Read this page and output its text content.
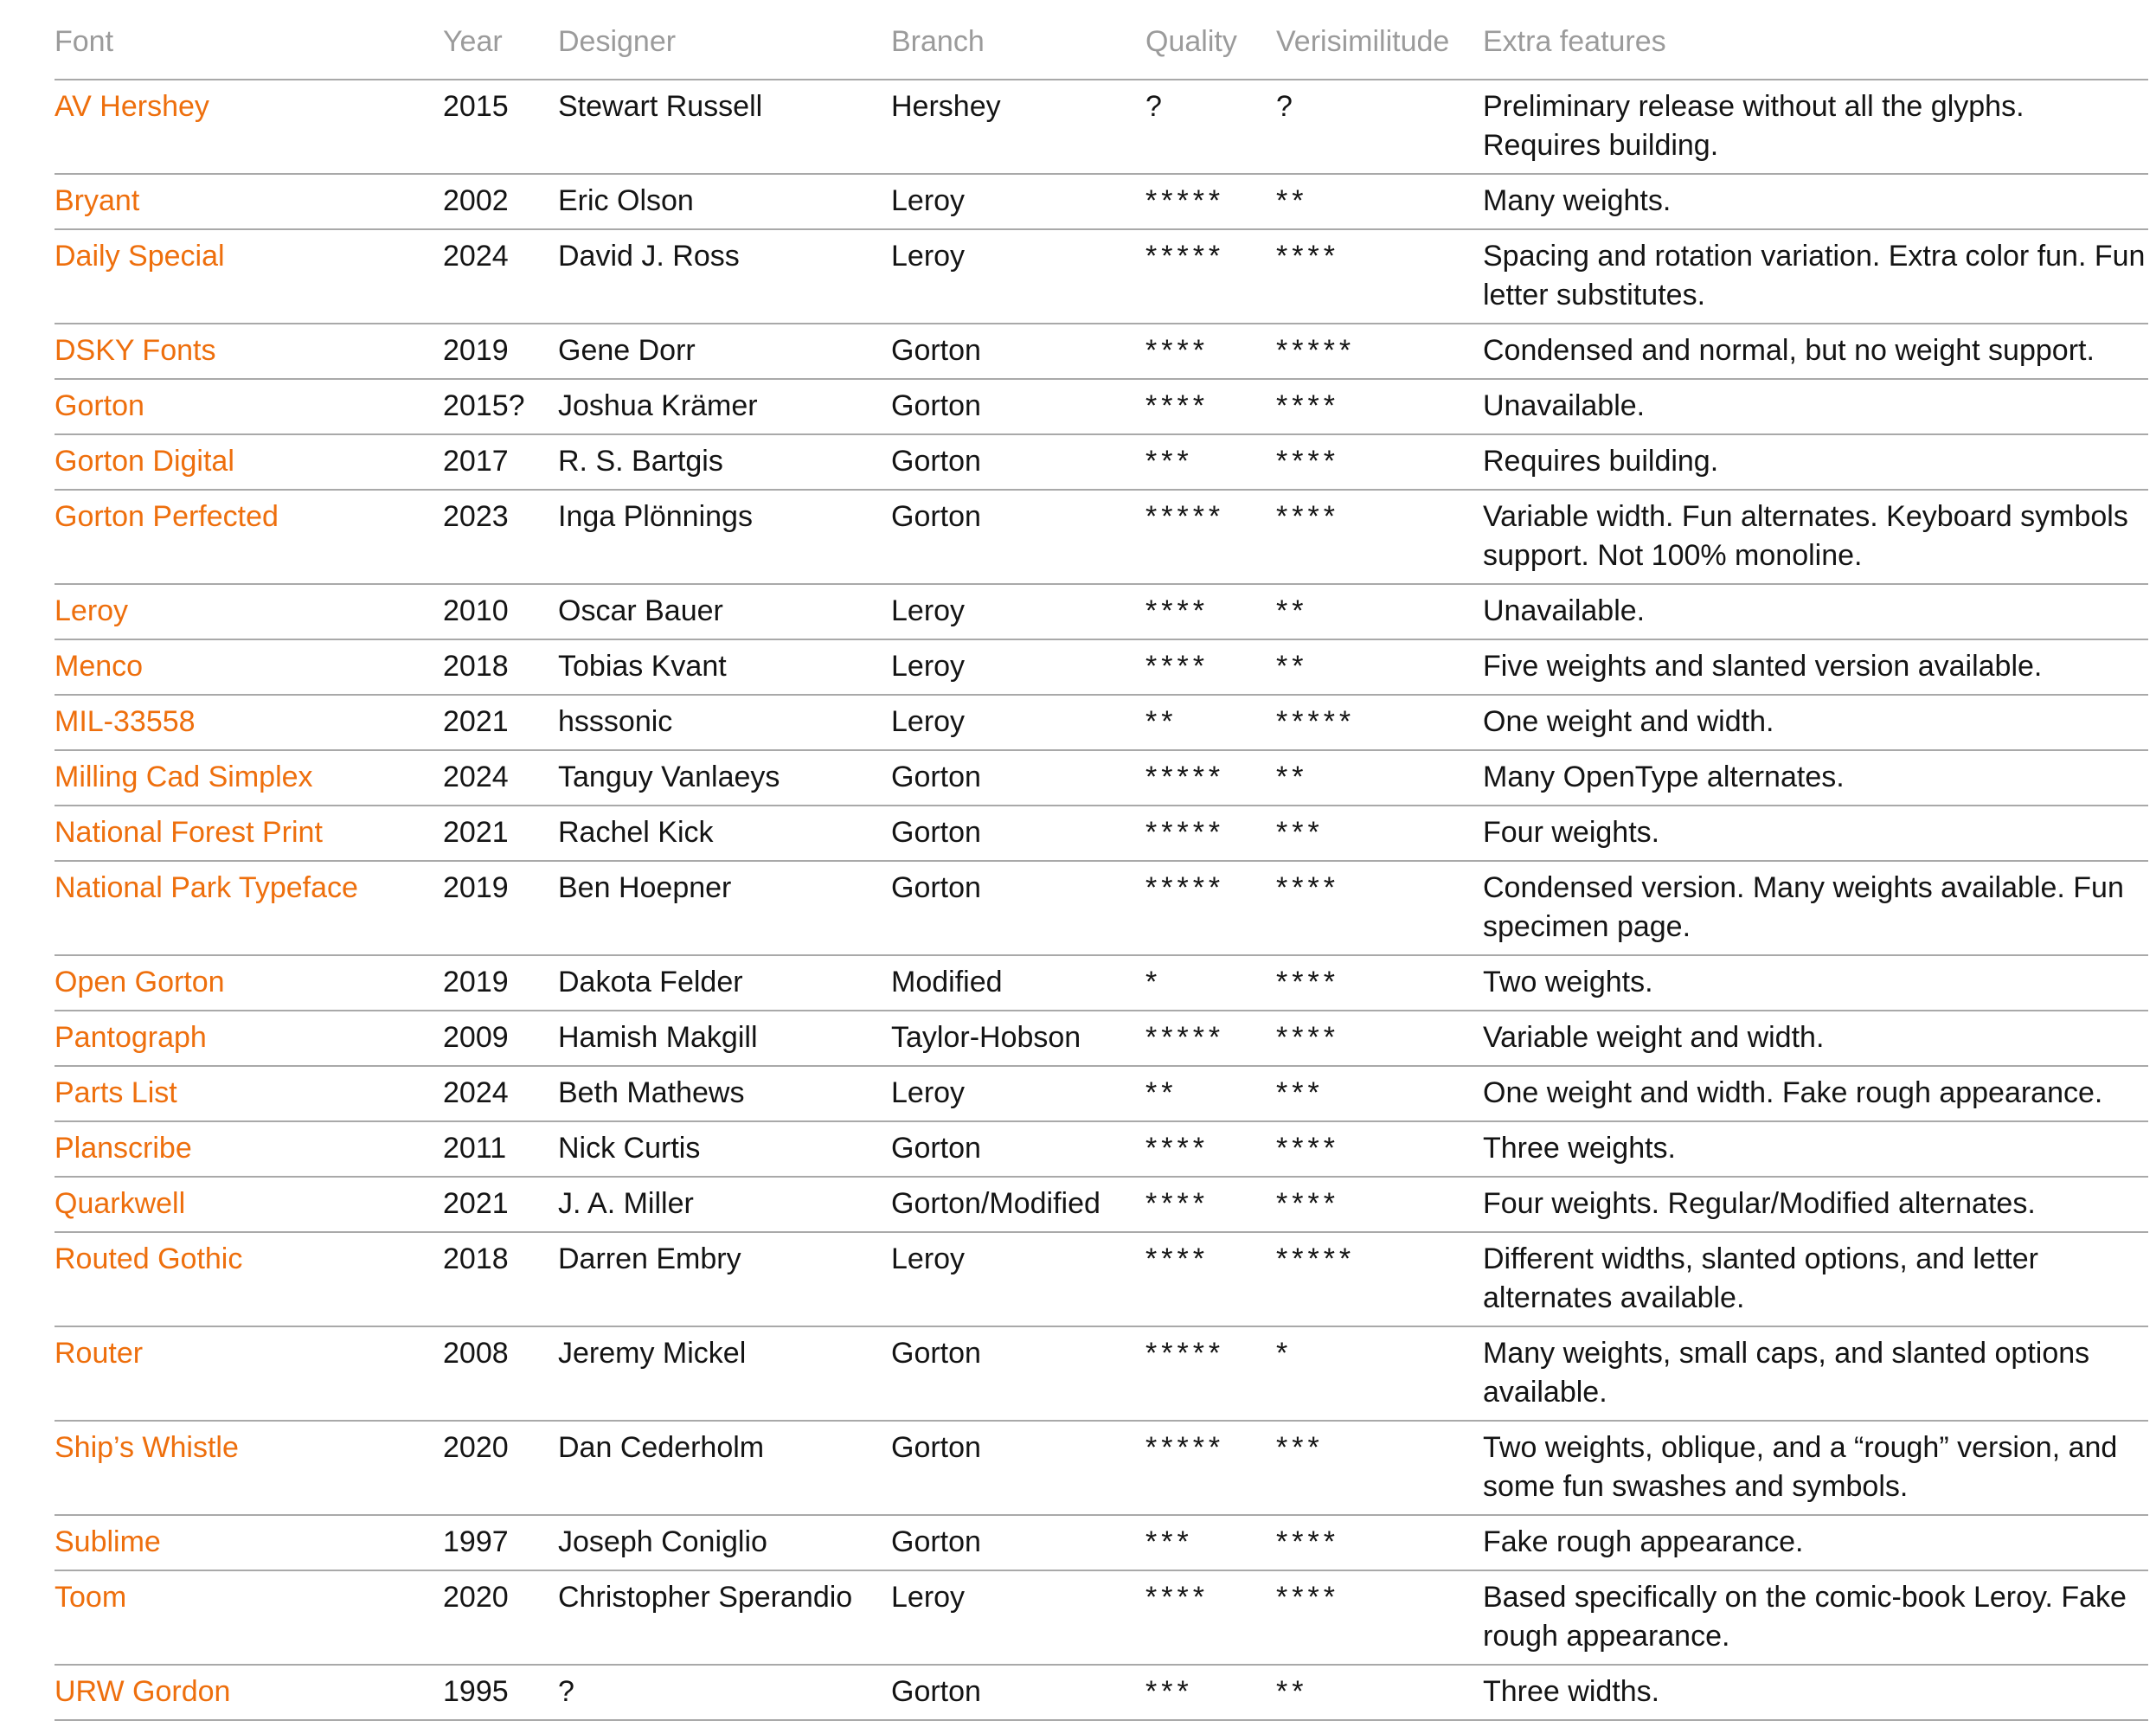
Font	Year	Designer	Branch	Quality	Verisimilitude	Extra features
AV Hershey	2015	Stewart Russell	Hershey	?	?	Preliminary release without all the glyphs. Requires building.
Bryant	2002	Eric Olson	Leroy	*****	**	Many weights.
Daily Special	2024	David J. Ross	Leroy	*****	****	Spacing and rotation variation. Extra color fun. Fun letter substitutes.
DSKY Fonts	2019	Gene Dorr	Gorton	****	*****	Condensed and normal, but no weight support.
Gorton	2015?	Joshua Krämer	Gorton	****	****	Unavailable.
Gorton Digital	2017	R. S. Bartgis	Gorton	***	****	Requires building.
Gorton Perfected	2023	Inga Plönnings	Gorton	*****	****	Variable width. Fun alternates. Keyboard symbols support. Not 100% monoline.
Leroy	2010	Oscar Bauer	Leroy	****	**	Unavailable.
Menco	2018	Tobias Kvant	Leroy	****	**	Five weights and slanted version available.
MIL-33558	2021	hsssonic	Leroy	**	*****	One weight and width.
Milling Cad Simplex	2024	Tanguy Vanlaeys	Gorton	*****	**	Many OpenType alternates.
National Forest Print	2021	Rachel Kick	Gorton	*****	***	Four weights.
National Park Typeface	2019	Ben Hoepner	Gorton	*****	****	Condensed version. Many weights available. Fun specimen page.
Open Gorton	2019	Dakota Felder	Modified	*	****	Two weights.
Pantograph	2009	Hamish Makgill	Taylor-Hobson	*****	****	Variable weight and width.
Parts List	2024	Beth Mathews	Leroy	**	***	One weight and width. Fake rough appearance.
Planscribe	2011	Nick Curtis	Gorton	****	****	Three weights.
Quarkwell	2021	J. A. Miller	Gorton/Modified	****	****	Four weights. Regular/Modified alternates.
Routed Gothic	2018	Darren Embry	Leroy	****	*****	Different widths, slanted options, and letter alternates available.
Router	2008	Jeremy Mickel	Gorton	*****	*	Many weights, small caps, and slanted options available.
Ship’s Whistle	2020	Dan Cederholm	Gorton	*****	***	Two weights, oblique, and a “rough” version, and some fun swashes and symbols.
Sublime	1997	Joseph Coniglio	Gorton	***	****	Fake rough appearance.
Toom	2020	Christopher Sperandio	Leroy	****	****	Based specifically on the comic-book Leroy. Fake rough appearance.
URW Gordon	1995	?	Gorton	***	**	Three widths.
